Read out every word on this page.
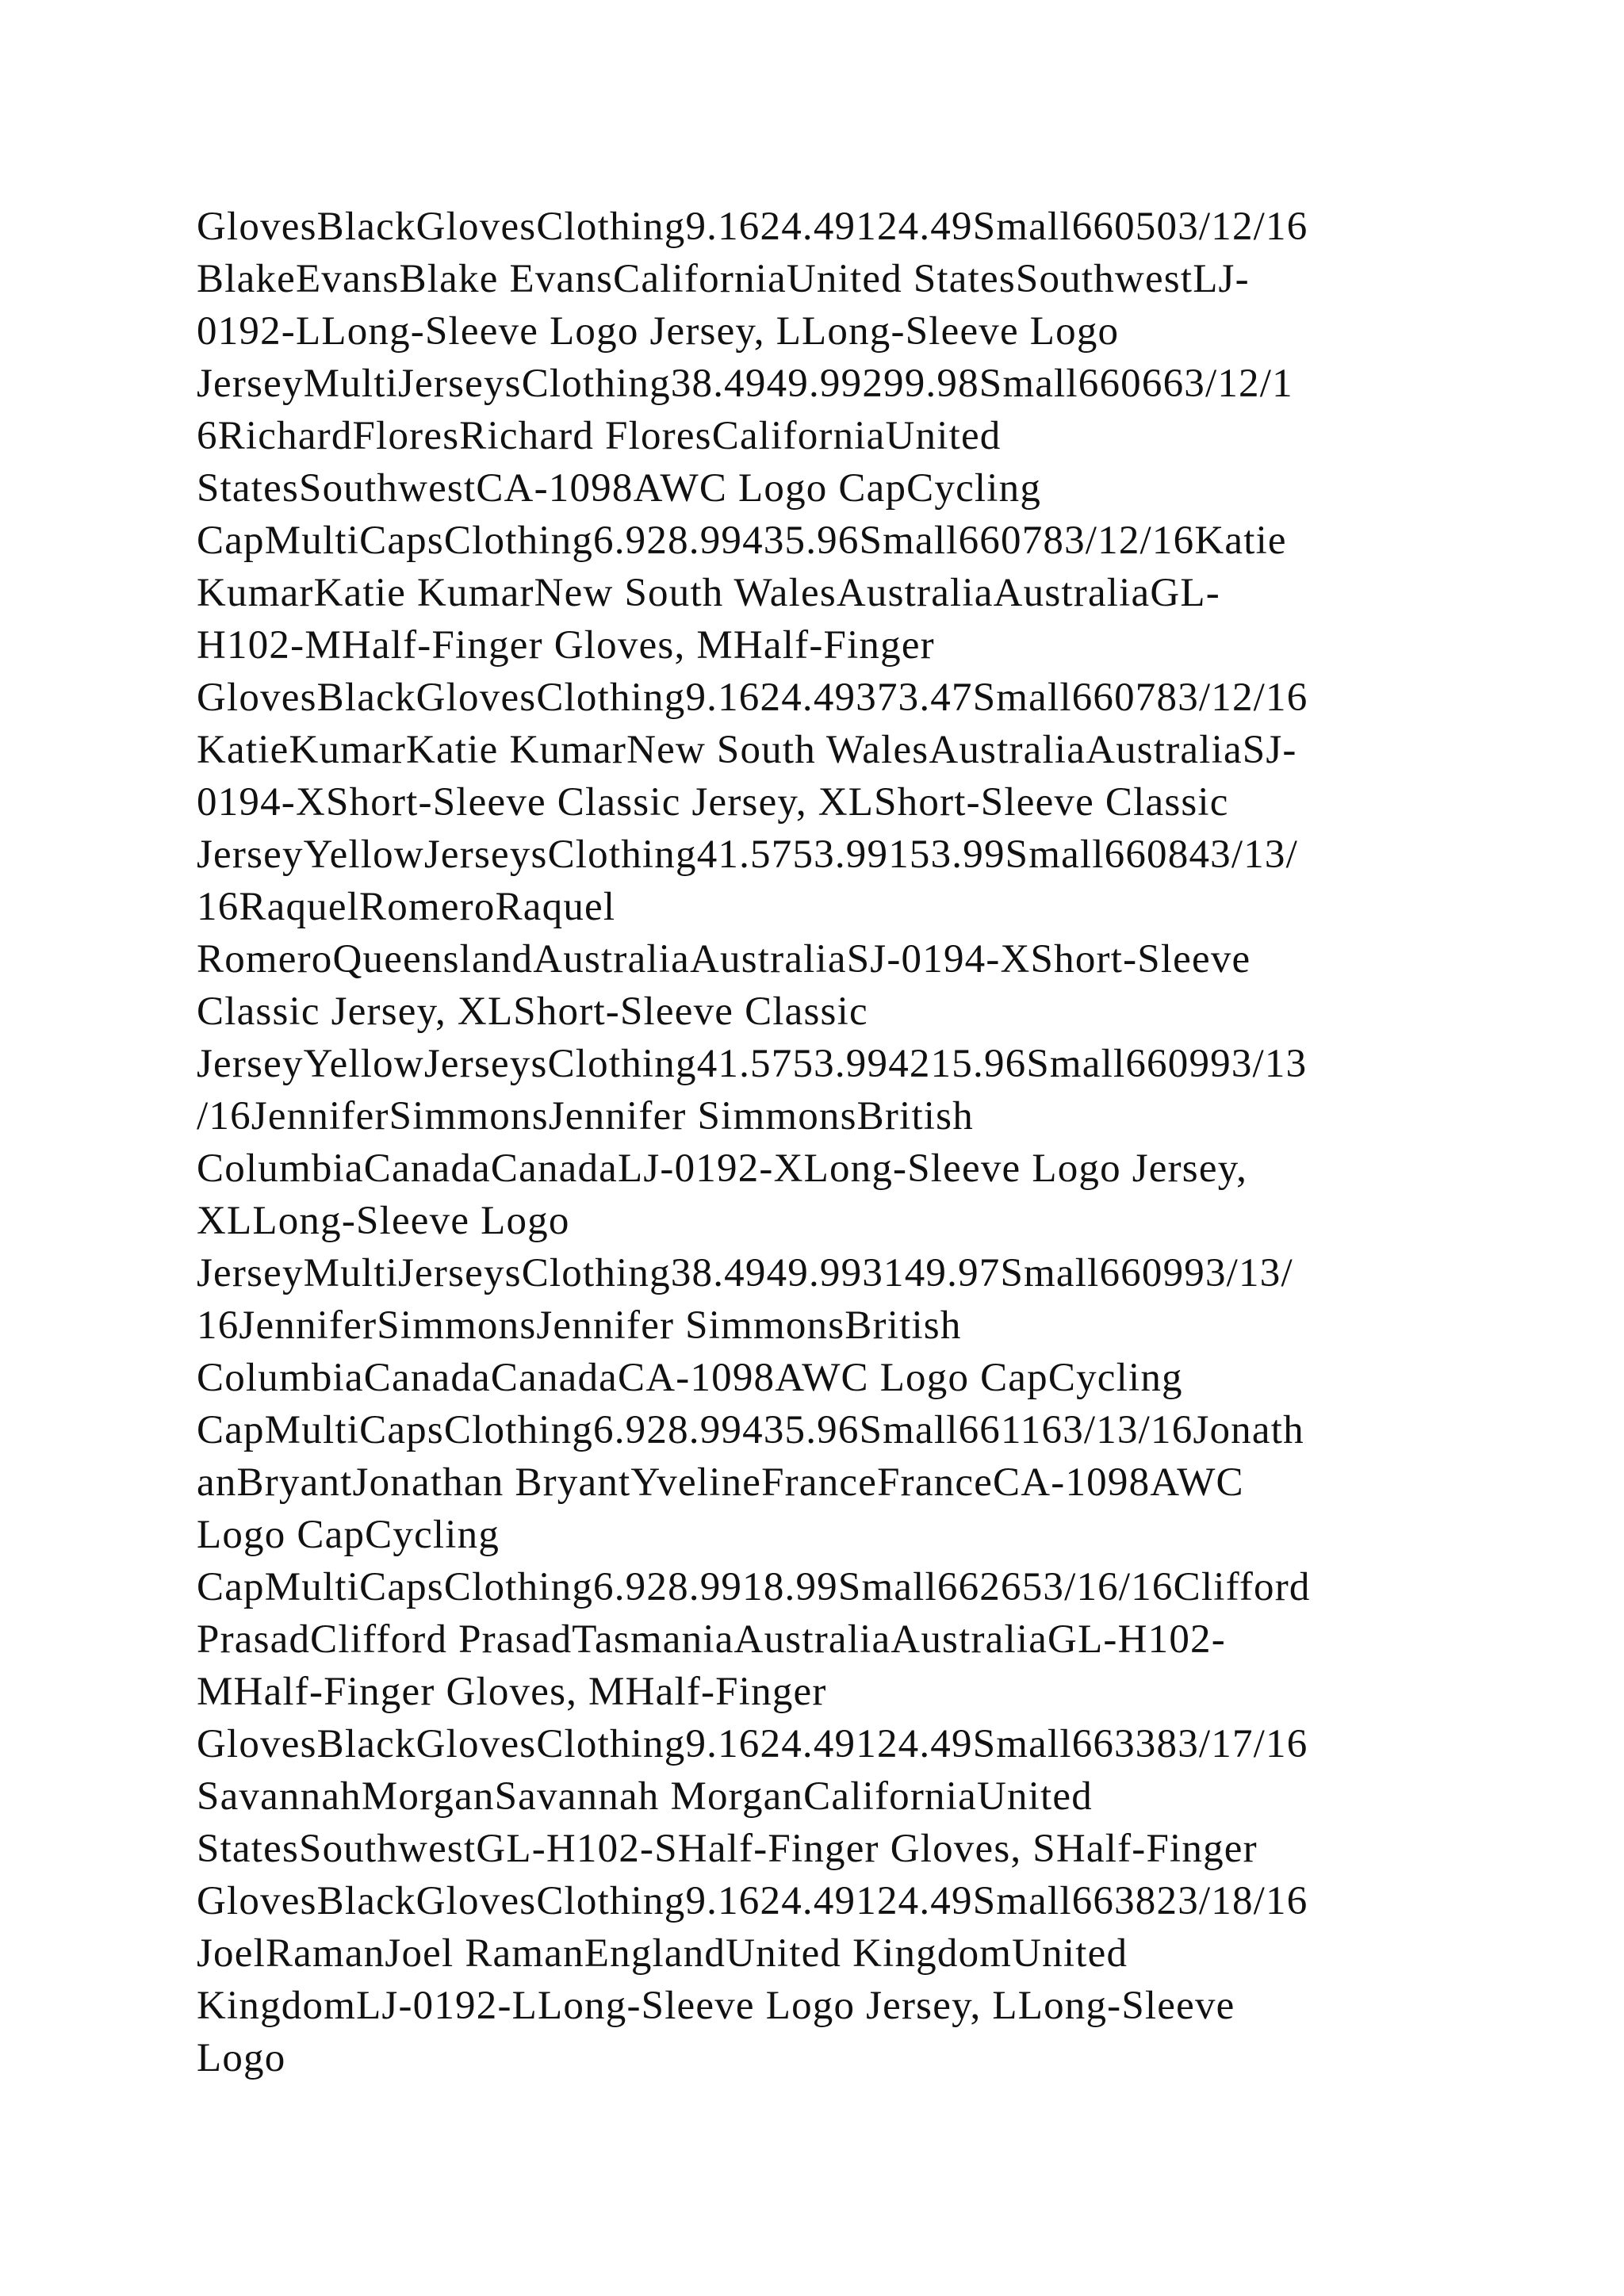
GlovesBlackGlovesClothing9.1624.49124.49Small660503/12/16
BlakeEvansBlake EvansCaliforniaUnited StatesSouthwestLJ-
0192-LLong-Sleeve Logo Jersey, LLong-Sleeve Logo
JerseyMultiJerseysClothing38.4949.99299.98Small660663/12/1
6RichardFloresRichard FloresCaliforniaUnited
StatesSouthwestCA-1098AWC Logo CapCycling
CapMultiCapsClothing6.928.99435.96Small660783/12/16Katie
KumarKatie KumarNew South WalesAustraliaAustraliaGL-
H102-MHalf-Finger Gloves, MHalf-Finger
GlovesBlackGlovesClothing9.1624.49373.47Small660783/12/16
KatieKumarKatie KumarNew South WalesAustraliaAustraliaSJ-
0194-XShort-Sleeve Classic Jersey, XLShort-Sleeve Classic
JerseyYellowJerseysClothing41.5753.99153.99Small660843/13/
16RaquelRomeroRaquel
RomeroQueenslandAustraliaAustraliaSJ-0194-XShort-Sleeve
Classic Jersey, XLShort-Sleeve Classic
JerseyYellowJerseysClothing41.5753.994215.96Small660993/13
/16JenniferSimmonsJennifer SimmonsBritish
ColumbiaCanadaCanadaLJ-0192-XLong-Sleeve Logo Jersey,
XLLong-Sleeve Logo
JerseyMultiJerseysClothing38.4949.993149.97Small660993/13/
16JenniferSimmonsJennifer SimmonsBritish
ColumbiaCanadaCanadaCA-1098AWC Logo CapCycling
CapMultiCapsClothing6.928.99435.96Small661163/13/16Jonath
anBryantJonathan BryantYvelineFranceFranceCA-1098AWC
Logo CapCycling
CapMultiCapsClothing6.928.9918.99Small662653/16/16Clifford
PrasadClifford PrasadTasmaniaAustraliaAustraliaGL-H102-
MHalf-Finger Gloves, MHalf-Finger
GlovesBlackGlovesClothing9.1624.49124.49Small663383/17/16
SavannahMorganSavannah MorganCaliforniaUnited
StatesSouthwestGL-H102-SHalf-Finger Gloves, SHalf-Finger
GlovesBlackGlovesClothing9.1624.49124.49Small663823/18/16
JoelRamanJoel RamanEnglandUnited KingdomUnited
KingdomLJ-0192-LLong-Sleeve Logo Jersey, LLong-Sleeve
Logo
